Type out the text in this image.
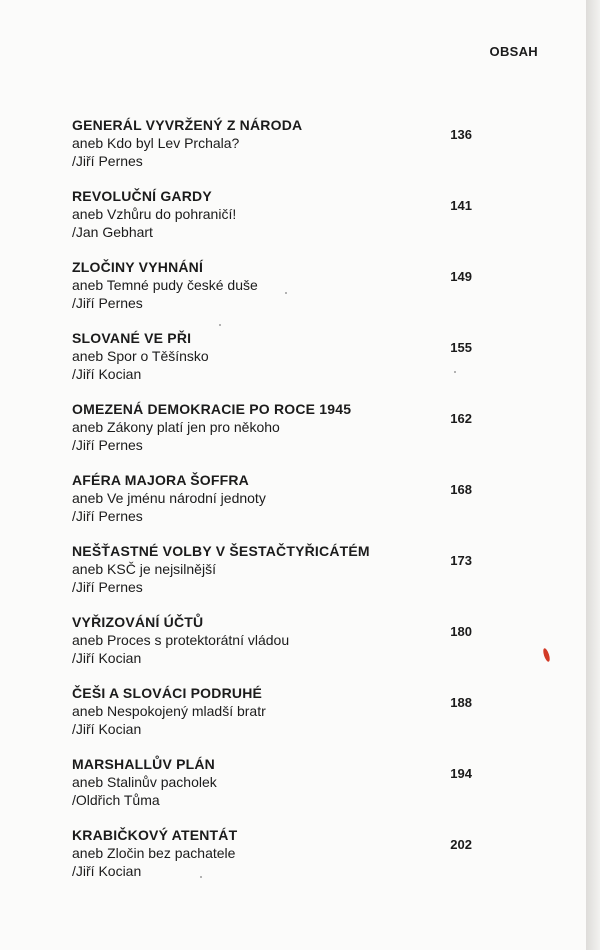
OBSAH
GENERÁL VYVRŽENÝ Z NÁRODA
aneb Kdo byl Lev Prchala?
/Jiří Pernes
136
REVOLUČNÍ GARDY
aneb Vzhůru do pohraničí!
/Jan Gebhart
141
ZLOČINY VYHNÁNÍ
aneb Temné pudy české duše
/Jiří Pernes
149
SLOVANÉ VE PŘI
aneb Spor o Těšínsko
/Jiří Kocian
155
OMEZENÁ DEMOKRACIE PO ROCE 1945
aneb Zákony platí jen pro někoho
/Jiří Pernes
162
AFÉRA MAJORA ŠOFFRA
aneb Ve jménu národní jednoty
/Jiří Pernes
168
NEŠŤASTNÉ VOLBY V ŠESTAČTYŘICÁTÉM
aneb KSČ je nejsilnější
/Jiří Pernes
173
VYŘIZOVÁNÍ ÚČTŮ
aneb Proces s protektorátní vládou
/Jiří Kocian
180
ČEŠI A SLOVÁCI PODRUHÉ
aneb Nespokojený mladší bratr
/Jiří Kocian
188
MARSHALLŮV PLÁN
aneb Stalinův pacholek
/Oldřich Tůma
194
KRABIČKOVÝ ATENTÁT
aneb Zločin bez pachatele
/Jiří Kocian
202
